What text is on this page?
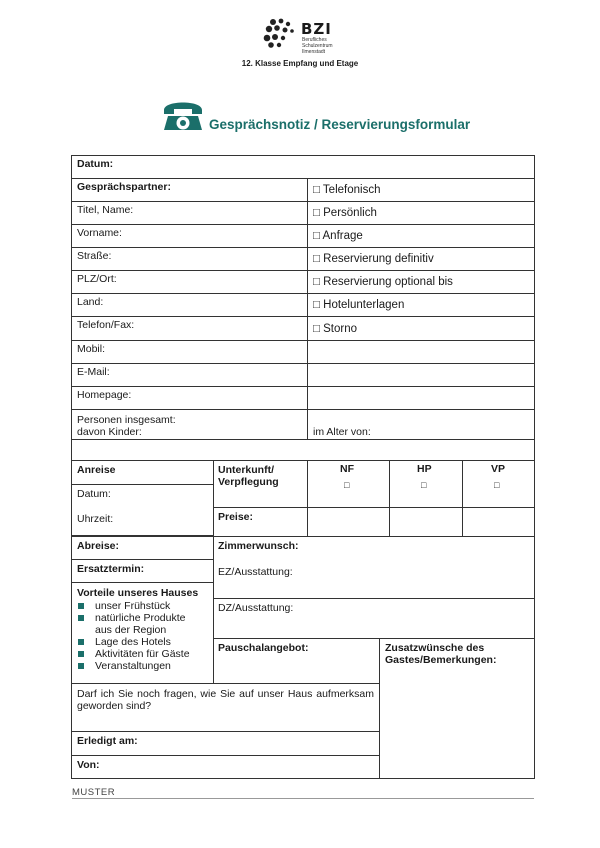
BZI
Berufliches
Schulzentrum
Ilmenstadt
12. Klasse Empfang und Etage
Gesprächsnotiz / Reservierungsformular
Datum:
Gesprächspartner:
Titel, Name:
Vorname:
Straße:
PLZ/Ort:
Land:
Telefon/Fax:
Mobil:
E-Mail:
Homepage:
□ Telefonisch
□ Persönlich
□ Anfrage
□ Reservierung definitiv
□ Reservierung optional bis
□ Hotelunterlagen
□ Storno
Personen insgesamt:
davon Kinder:	im Alter von:
Anreise
Datum:
Uhrzeit:
Unterkunft/
Verpflegung
NF
□
HP
□
VP
□
Preise:
Abreise:
Ersatztermin:
Zimmerwunsch:
EZ/Ausstattung:
Vorteile unseres Hauses
unser Frühstück
natürliche Produkte aus der Region
Lage des Hotels
Aktivitäten für Gäste
Veranstaltungen
DZ/Ausstattung:
Pauschalangebot:	Zusatzwünsche des Gastes/Bemerkungen:
Darf ich Sie noch fragen, wie Sie auf unser Haus aufmerksam geworden sind?
Erledigt am:
Von:
MUSTER
